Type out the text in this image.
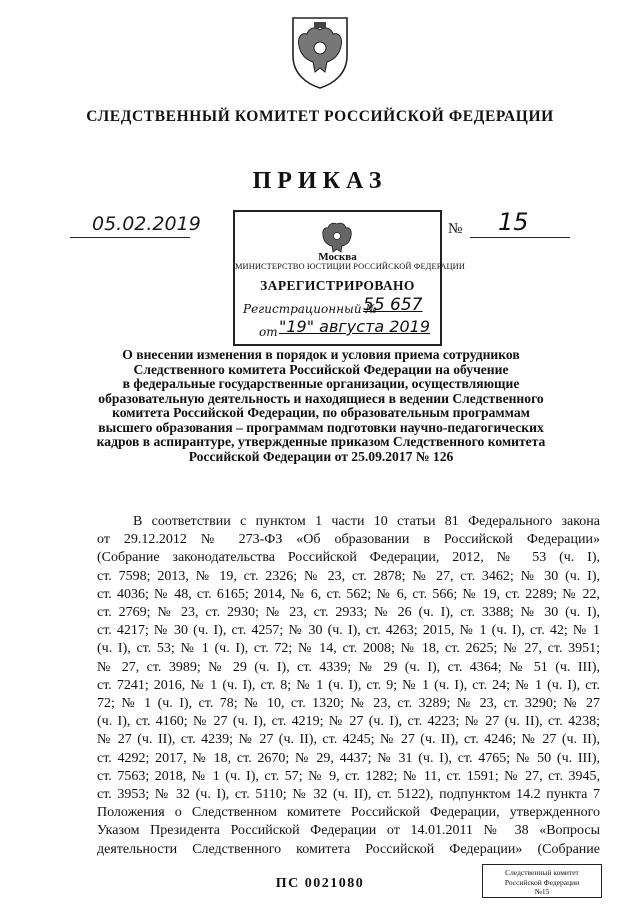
СЛЕДСТВЕННЫЙ КОМИТЕТ РОССИЙСКОЙ ФЕДЕРАЦИИ
ПРИКАЗ
05.02.2019	№ 15
Москва
МИНИСТЕРСТВО ЮСТИЦИИ РОССИЙСКОЙ ФЕДЕРАЦИИ
ЗАРЕГИСТРИРОВАНО
Регистрационный №
55 657
от "19" августа 2019
О внесении изменения в порядок и условия приема сотрудников
Следственного комитета Российской Федерации на обучение
в федеральные государственные организации, осуществляющие
образовательную деятельность и находящиеся в ведении Следственного
комитета Российской Федерации, по образовательным программам
высшего образования – программам подготовки научно-педагогических
кадров в аспирантуре, утвержденные приказом Следственного комитета
Российской Федерации от 25.09.2017 № 126
В соответствии с пунктом 1 части 10 статьи 81 Федерального закона
от 29.12.2012 № 273-ФЗ «Об образовании в Российской Федерации»
(Собрание законодательства Российской Федерации, 2012, № 53 (ч. I),
ст. 7598; 2013, № 19, ст. 2326; № 23, ст. 2878; № 27, ст. 3462; № 30 (ч. I),
ст. 4036; № 48, ст. 6165; 2014, № 6, ст. 562; № 6, ст. 566; № 19, ст. 2289; № 22,
ст. 2769; № 23, ст. 2930; № 23, ст. 2933; № 26 (ч. I), ст. 3388; № 30 (ч. I),
ст. 4217; № 30 (ч. I), ст. 4257; № 30 (ч. I), ст. 4263; 2015, № 1 (ч. I), ст. 42; № 1
(ч. I), ст. 53; № 1 (ч. I), ст. 72; № 14, ст. 2008; № 18, ст. 2625; № 27, ст. 3951;
№ 27, ст. 3989; № 29 (ч. I), ст. 4339; № 29 (ч. I), ст. 4364; № 51 (ч. III),
ст. 7241; 2016, № 1 (ч. I), ст. 8; № 1 (ч. I), ст. 9; № 1 (ч. I), ст. 24; № 1 (ч. I), ст.
72; № 1 (ч. I), ст. 78; № 10, ст. 1320; № 23, ст. 3289; № 23, ст. 3290; № 27
(ч. I), ст. 4160; № 27 (ч. I), ст. 4219; № 27 (ч. I), ст. 4223; № 27 (ч. II), ст. 4238;
№ 27 (ч. II), ст. 4239; № 27 (ч. II), ст. 4245; № 27 (ч. II), ст. 4246; № 27 (ч. II),
ст. 4292; 2017, № 18, ст. 2670; № 29, 4437; № 31 (ч. I), ст. 4765; № 50 (ч. III),
ст. 7563; 2018, № 1 (ч. I), ст. 57; № 9, ст. 1282; № 11, ст. 1591; № 27, ст. 3945,
ст. 3953; № 32 (ч. I), ст. 5110; № 32 (ч. II), ст. 5122), подпунктом 14.2 пункта 7
Положения о Следственном комитете Российской Федерации, утвержденного
Указом Президента Российской Федерации от 14.01.2011 № 38 «Вопросы
деятельности Следственного комитета Российской Федерации» (Собрание
ПС 0021080
Следственный комитет
Российской Федерации
№15
